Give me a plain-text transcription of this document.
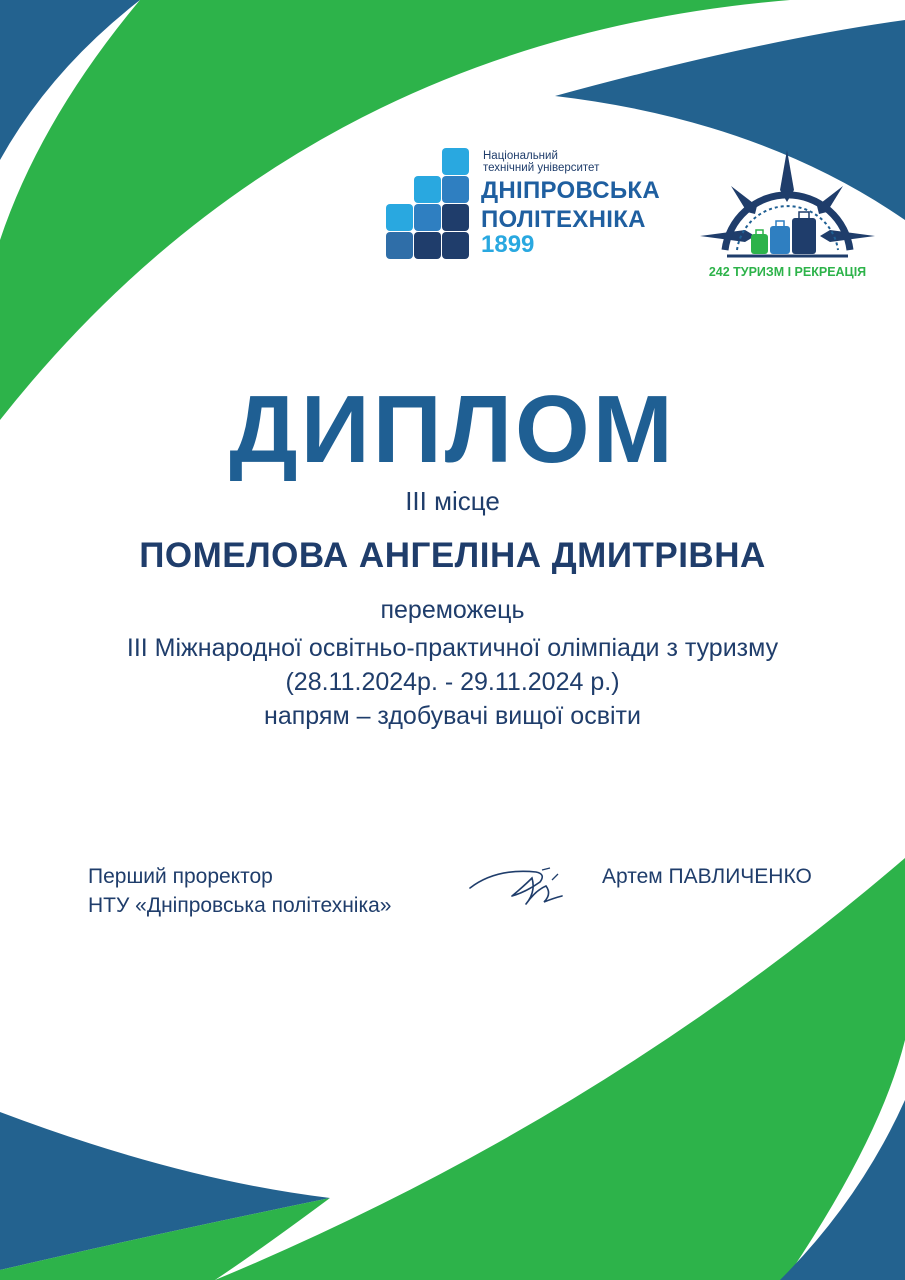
Національний
технічний університет
ДНІПРОВСЬКА
ПОЛІТЕХНІКА
1899
242 ТУРИЗМ І РЕКРЕАЦІЯ
ДИПЛОМ
ІІІ місце
ПОМЕЛОВА АНГЕЛІНА ДМИТРІВНА
переможець
ІІІ Міжнародної освітньо-практичної олімпіади з туризму
(28.11.2024р. - 29.11.2024 р.)
напрям – здобувачі вищої освіти
Перший проректор
НТУ «Дніпровська політехніка»
Артем ПАВЛИЧЕНКО
